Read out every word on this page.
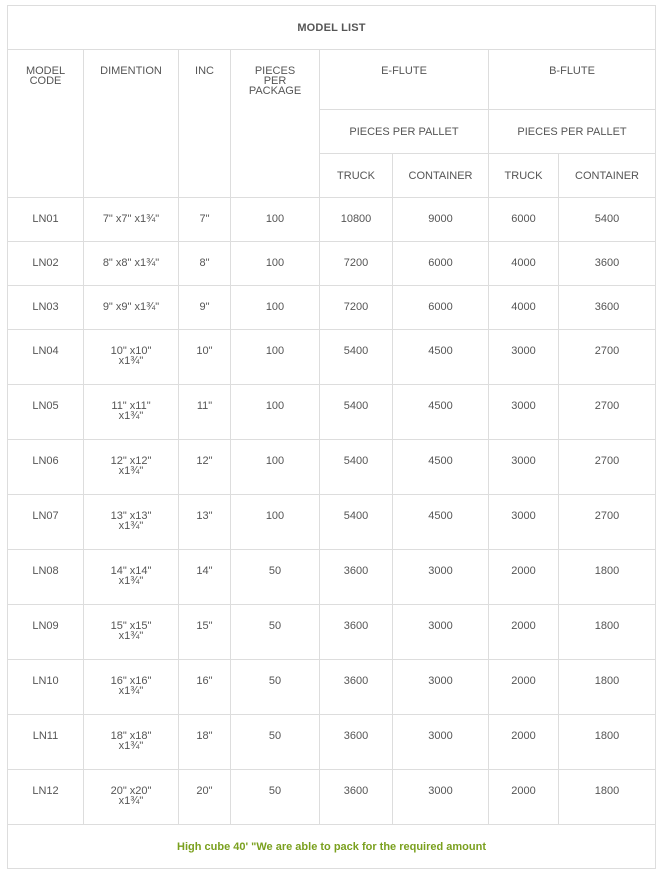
MODEL LIST							
MODEL CODE	DIMENTION	INC	PIECES PER PACKAGE	E-FLUTE		B-FLUTE	
				PIECES PER PALLET		PIECES PER PALLET	
				TRUCK	CONTAINER	TRUCK	CONTAINER
LN01	7" x7" x1¾"	7"	100	10800	9000	6000	5400
LN02	8" x8" x1¾"	8"	100	7200	6000	4000	3600
LN03	9" x9" x1¾"	9"	100	7200	6000	4000	3600
LN04	10" x10" x1¾"	10"	100	5400	4500	3000	2700
LN05	11" x11" x1¾"	11"	100	5400	4500	3000	2700
LN06	12" x12" x1¾"	12"	100	5400	4500	3000	2700
LN07	13" x13" x1¾"	13"	100	5400	4500	3000	2700
LN08	14" x14" x1¾"	14"	50	3600	3000	2000	1800
LN09	15" x15" x1¾"	15"	50	3600	3000	2000	1800
LN10	16" x16" x1¾"	16"	50	3600	3000	2000	1800
LN11	18" x18" x1¾"	18"	50	3600	3000	2000	1800
LN12	20" x20" x1¾"	20"	50	3600	3000	2000	1800
High cube 40' "We are able to pack for the required amount							
